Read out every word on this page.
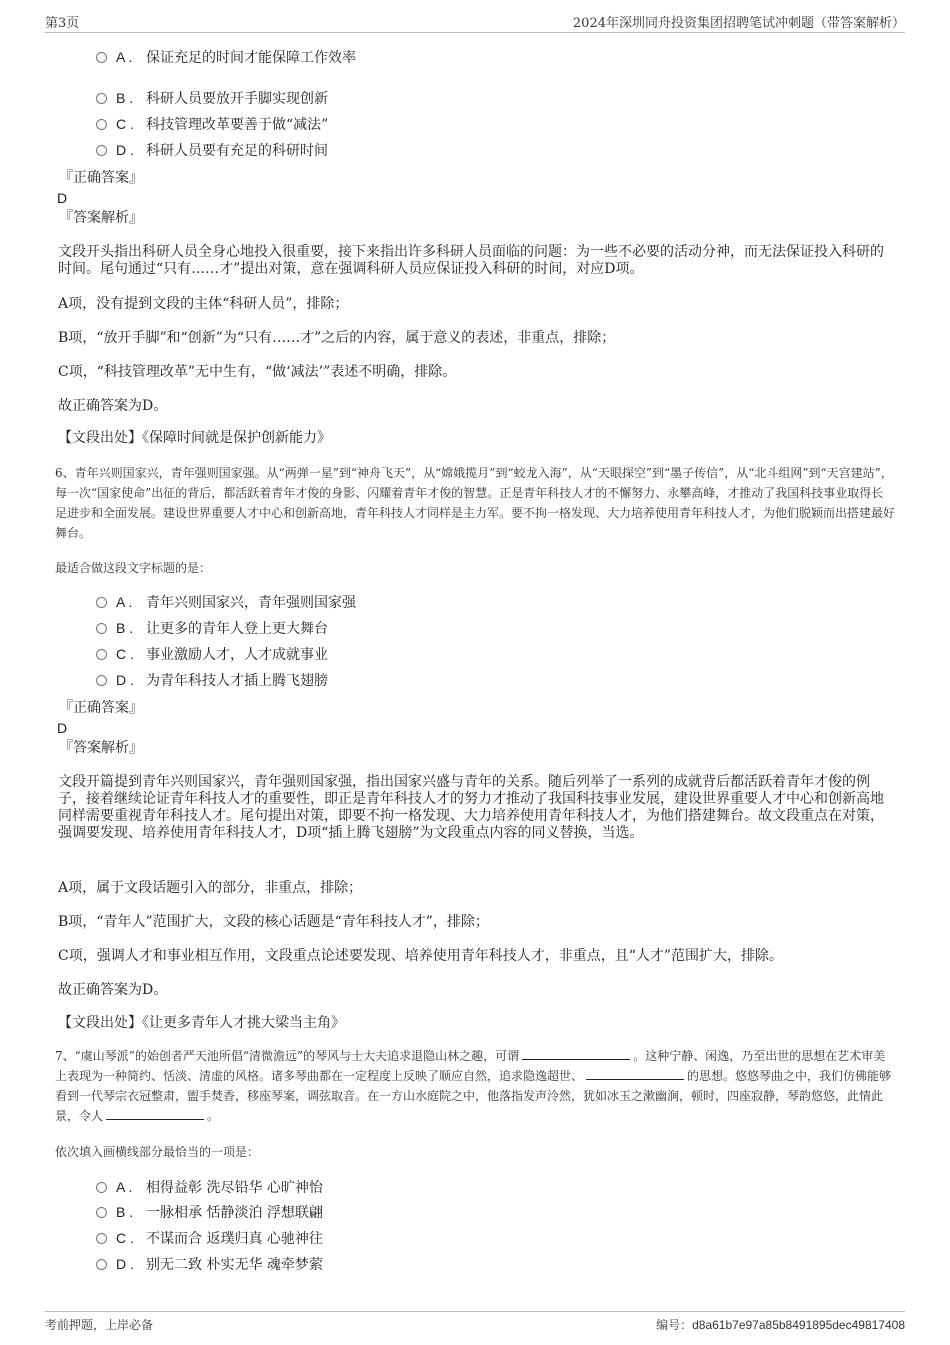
第3页	2024年深圳同舟投资集团招聘笔试冲刺题（带答案解析）
A . 保证充足的时间才能保障工作效率
B . 科研人员要放开手脚实现创新
C . 科技管理改革要善于做“减法”
D . 科研人员要有充足的科研时间
『正确答案』
D
『答案解析』
文段开头指出科研人员全身心地投入很重要，接下来指出许多科研人员面临的问题：为一些不必要的活动分神，而无法保证投入科研的时间。尾句通过“只有……才”提出对策，意在强调科研人员应保证投入科研的时间，对应D项。
A项，没有提到文段的主体“科研人员”，排除；
B项，“放开手脚”和“创新”为“只有……才”之后的内容，属于意义的表述，非重点，排除；
C项，“科技管理改革”无中生有，“做‘减法’”表述不明确，排除。
故正确答案为D。
【文段出处】《保障时间就是保护创新能力》
6、青年兴则国家兴，青年强则国家强。从“两弹一星”到“神舟飞天”，从“嫦娥揽月”到“蛟龙入海”，从“天眼探空”到“墨子传信”，从“北斗组网”到“天宫建站”，每一次“国家使命”出征的背后，都活跃着青年才俊的身影、闪耀着青年才俊的智慧。正是青年科技人才的不懈努力、永攀高峰，才推动了我国科技事业取得长足进步和全面发展。建设世界重要人才中心和创新高地，青年科技人才同样是主力军。要不拘一格发现、大力培养使用青年科技人才，为他们脱颖而出搭建最好舞台。
最适合做这段文字标题的是：
A . 青年兴则国家兴，青年强则国家强
B . 让更多的青年人登上更大舞台
C . 事业激励人才，人才成就事业
D . 为青年科技人才插上腾飞翅膀
『正确答案』
D
『答案解析』
文段开篇提到青年兴则国家兴，青年强则国家强，指出国家兴盛与青年的关系。随后列举了一系列的成就背后都活跃着青年才俊的例子，接着继续论证青年科技人才的重要性，即正是青年科技人才的努力才推动了我国科技事业发展，建设世界重要人才中心和创新高地同样需要重视青年科技人才。尾句提出对策，即要不拘一格发现、大力培养使用青年科技人才，为他们搭建舞台。故文段重点在对策，强调要发现、培养使用青年科技人才，D项“插上腾飞翅膀”为文段重点内容的同义替换，当选。
A项，属于文段话题引入的部分，非重点，排除；
B项，“青年人”范围扩大，文段的核心话题是“青年科技人才”，排除；
C项，强调人才和事业相互作用，文段重点论述要发现、培养使用青年科技人才，非重点，且“人才”范围扩大，排除。
故正确答案为D。
【文段出处】《让更多青年人才挑大梁当主角》
7、“虞山琴派”的始创者严天池所倡“清微澹远”的琴风与士大夫追求退隐山林之趣，可谓	。这种宁静、闲逸，乃至出世的思想在艺术审美上表现为一种简约、恬淡、清虚的风格。诸多琴曲都在一定程度上反映了顺应自然，追求隐逸超世、	的思想。悠悠琴曲之中，我们仿佛能够看到一代琴宗衣冠整肃，盥手焚香，移座琴案，调弦取音。在一方山水庭院之中，他落指发声泠然，犹如冰玉之漱幽涧，顿时，四座寂静，琴韵悠悠，此情此景，令人	。
依次填入画横线部分最恰当的一项是：
A . 相得益彰 洗尽铅华 心旷神怡
B . 一脉相承 恬静淡泊 浮想联翩
C . 不谋而合 返璞归真 心驰神往
D . 别无二致 朴实无华 魂牵梦萦
考前押题，上岸必备	编号：d8a61b7e97a85b8491895dec49817408
